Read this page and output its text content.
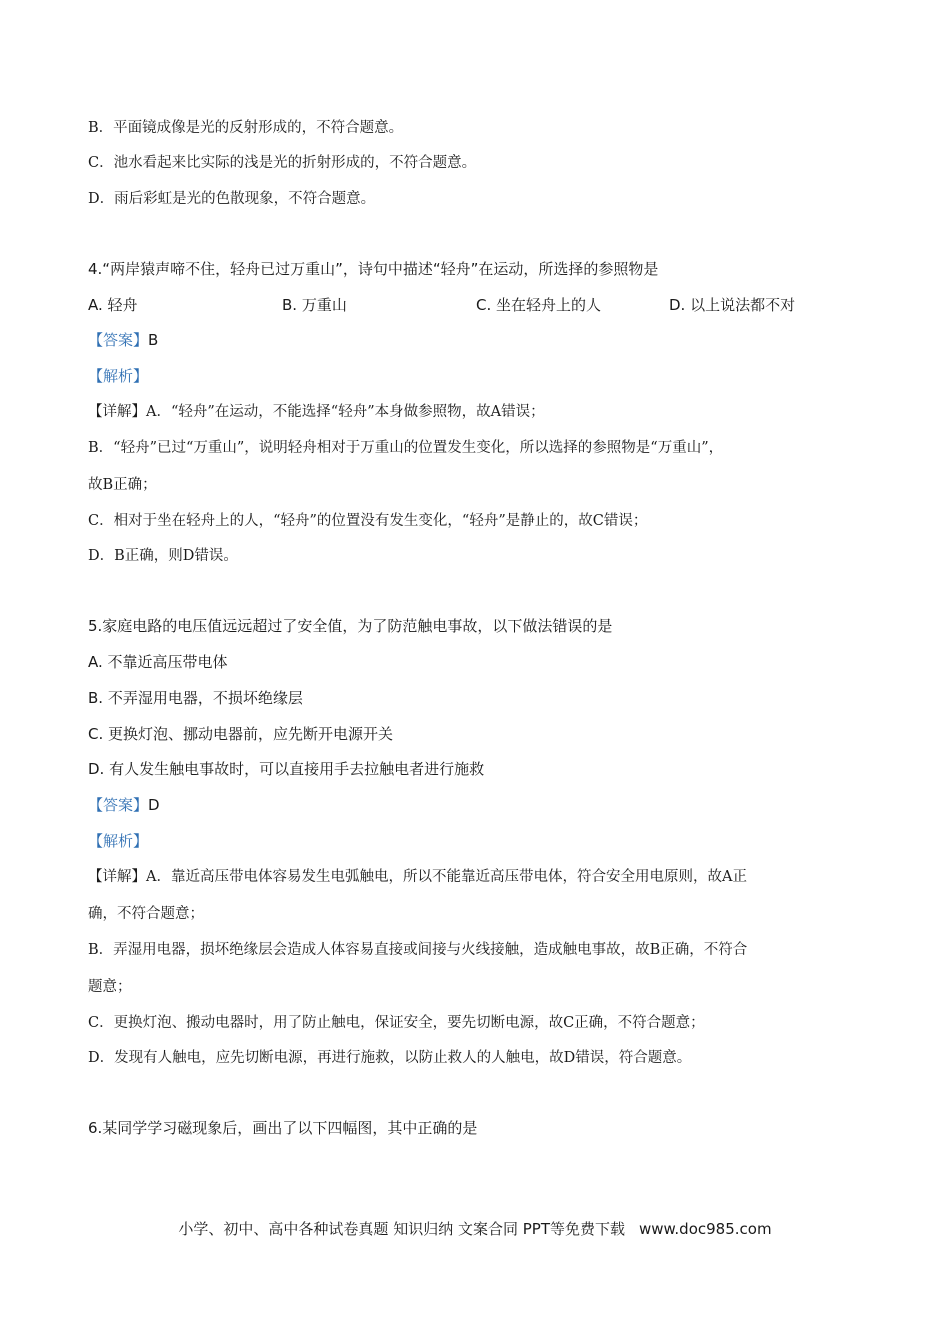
B．平面镜成像是光的反射形成的，不符合题意。
C．池水看起来比实际的浅是光的折射形成的，不符合题意。
D．雨后彩虹是光的色散现象，不符合题意。
4.“两岸猿声啼不住，轻舟已过万重山”，诗句中描述“轻舟”在运动，所选择的参照物是
A. 轻舟	B. 万重山	C. 坐在轻舟上的人	D. 以上说法都不对
【答案】B
【解析】
【详解】A．“轻舟”在运动，不能选择“轻舟”本身做参照物，故A错误；
B．“轻舟”已过“万重山”，说明轻舟相对于万重山的位置发生变化，所以选择的参照物是“万重山”，
故B正确；
C．相对于坐在轻舟上的人，“轻舟”的位置没有发生变化，“轻舟”是静止的，故C错误；
D．B正确，则D错误。
5.家庭电路的电压值远远超过了安全值，为了防范触电事故，以下做法错误的是
A. 不靠近高压带电体
B. 不弄湿用电器，不损坏绝缘层
C. 更换灯泡、挪动电器前，应先断开电源开关
D. 有人发生触电事故时，可以直接用手去拉触电者进行施救
【答案】D
【解析】
【详解】A．靠近高压带电体容易发生电弧触电，所以不能靠近高压带电体，符合安全用电原则，故A正
确，不符合题意；
B．弄湿用电器，损坏绝缘层会造成人体容易直接或间接与火线接触，造成触电事故，故B正确，不符合
题意；
C．更换灯泡、搬动电器时，用了防止触电，保证安全，要先切断电源，故C正确，不符合题意；
D．发现有人触电，应先切断电源，再进行施救，以防止救人的人触电，故D错误，符合题意。
6.某同学学习磁现象后，画出了以下四幅图，其中正确的是
小学、初中、高中各种试卷真题 知识归纳 文案合同 PPT等免费下载 www.doc985.com
